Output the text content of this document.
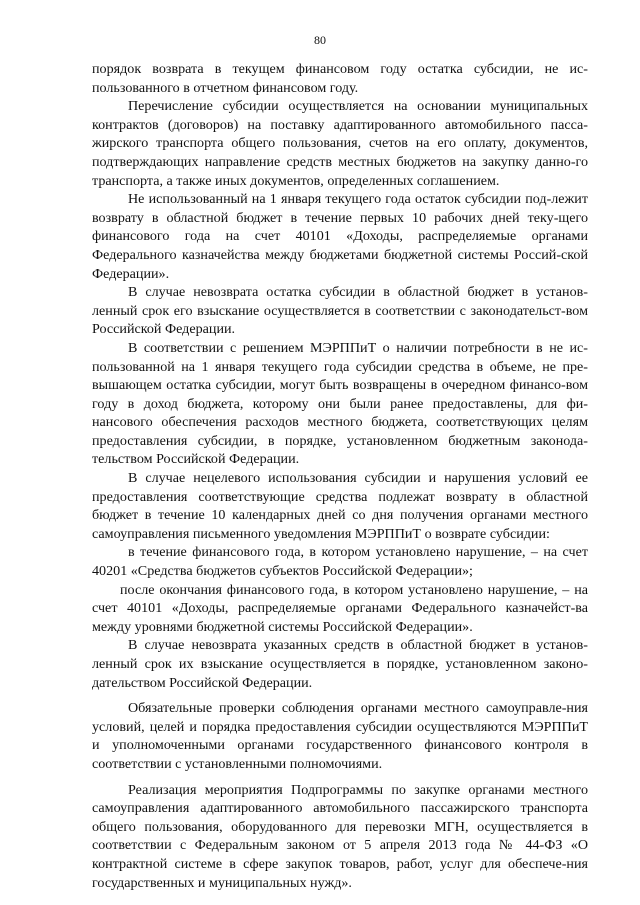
80

порядок возврата в текущем финансовом году остатка субсидии, не ис-пользованного в отчетном финансовом году.

Перечисление субсидии осуществляется на основании муниципальных контрактов (договоров) на поставку адаптированного автомобильного пасса-жирского транспорта общего пользования, счетов на его оплату, документов, подтверждающих направление средств местных бюджетов на закупку данно-го транспорта, а также иных документов, определенных соглашением.

Не использованный на 1 января текущего года остаток субсидии под-лежит возврату в областной бюджет в течение первых 10 рабочих дней теку-щего финансового года на счет 40101 «Доходы, распределяемые органами Федерального казначейства между бюджетами бюджетной системы Россий-ской Федерации».

В случае невозврата остатка субсидии в областной бюджет в установ-ленный срок его взыскание осуществляется в соответствии с законодательст-вом Российской Федерации.

В соответствии с решением МЭРППиТ о наличии потребности в не ис-пользованной на 1 января текущего года субсидии средства в объеме, не пре-вышающем остатка субсидии, могут быть возвращены в очередном финансо-вом году в доход бюджета, которому они были ранее предоставлены, для фи-нансового обеспечения расходов местного бюджета, соответствующих целям предоставления субсидии, в порядке, установленном бюджетным законода-тельством Российской Федерации.

В случае нецелевого использования субсидии и нарушения условий ее предоставления соответствующие средства подлежат возврату в областной бюджет в течение 10 календарных дней со дня получения органами местного самоуправления письменного уведомления МЭРППиТ о возврате субсидии:

в течение финансового года, в котором установлено нарушение, – на счет 40201 «Средства бюджетов субъектов Российской Федерации»;

после окончания финансового года, в котором установлено нарушение, – на счет 40101 «Доходы, распределяемые органами Федерального казначейст-ва между уровнями бюджетной системы Российской Федерации».

В случае невозврата указанных средств в областной бюджет в установ-ленный срок их взыскание осуществляется в порядке, установленном законо-дательством Российской Федерации.

Обязательные проверки соблюдения органами местного самоуправле-ния условий, целей и порядка предоставления субсидии осуществляются МЭРППиТ и уполномоченными органами государственного финансового контроля в соответствии с установленными полномочиями.

Реализация мероприятия Подпрограммы по закупке органами местного самоуправления адаптированного автомобильного пассажирского транспорта общего пользования, оборудованного для перевозки МГН, осуществляется в соответствии с Федеральным законом от 5 апреля 2013 года № 44-ФЗ «О контрактной системе в сфере закупок товаров, работ, услуг для обеспече-ния государственных и муниципальных нужд».
